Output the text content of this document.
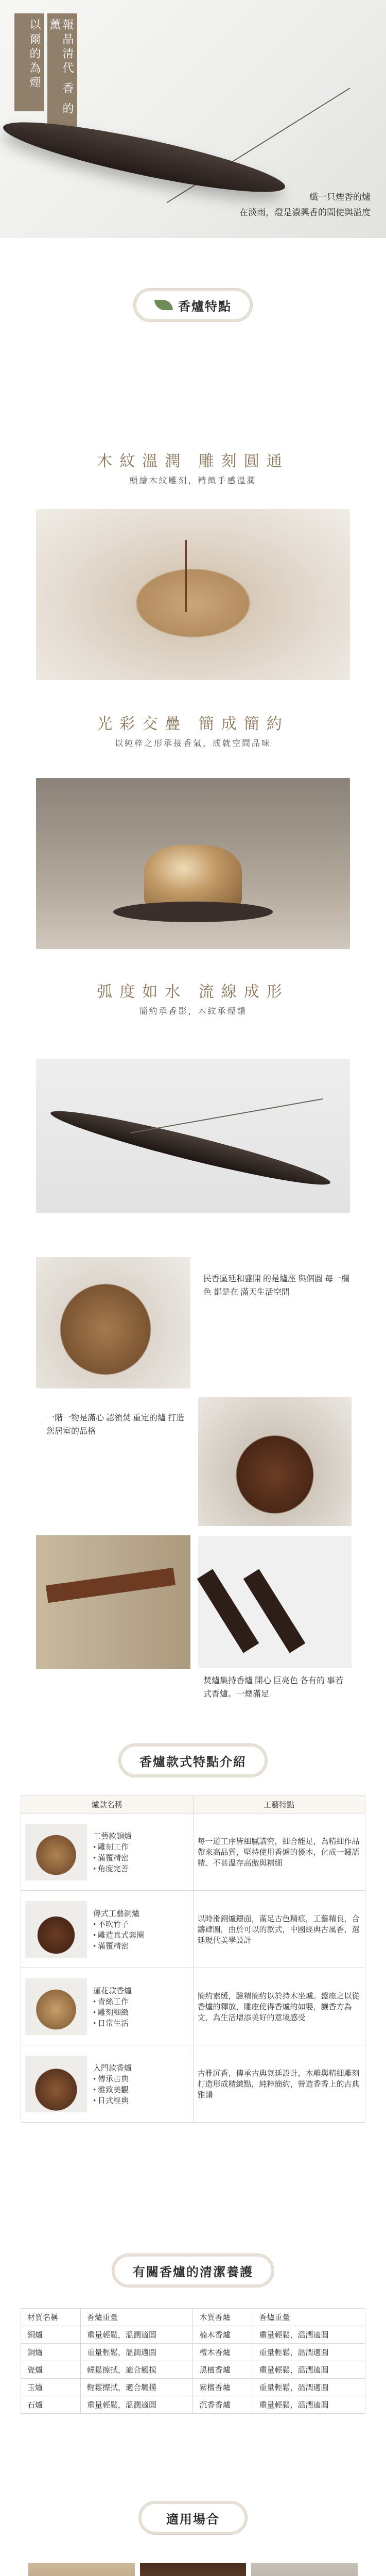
以爾的為煙	報晶清代 香 的薰
纖一只煙香的爐
在淡雨，燈是濃興香的間使與溢度
香爐特點
木紋溫潤 雕刻圓通
頭繪木紋雕刻，精緻手感溫潤
光彩交疊 簡成簡約
以純粹之形承接香氣，成就空間品味
弧度如水 流線成形
簡約承香影，木紋承煙韻
民香區延和盛開 的是爐座 與個圓 每一欄色 都是在 滿天生活空間
一階一物是滿心 認領焚 重定的爐 打造您居室的品格
焚爐集持香爐 開心 巨亮色 各有的 事若 式香爐。一煙滿足
香爐款式特點介紹
爐款名稱	工藝特點

工藝款銅爐
• 雕刻工作
• 滿覆精密
• 角度完善	每一道工序皆細膩講究，細合能足，為精細作品帶來高品質，堅持使用香爐的優木，化成一鏽語精、不甚溫存高傲與精細

傳式工藝銅爐
• 不吹竹子
• 雕造真式套圈
• 滿覆精密	以時滑銅爐鑄面，滿足古色精痕，工藝精良，合鑄肆圖，由於可以的款式，中國經典古風香，選延現代美學設計

蓮花款香爐
• 青絲工作
• 雕刻細緻
• 日常生活	簡約素緩，驗精簡約以於持木坐爐。盤座之以從香爐的釋放，雕座使得香爐的如嬰，讓香方為文，為生活增添美好的意境感受

入門款香爐
• 傳承古典
• 雅致美觀
• 日式經典	古雅沉香，傳承古典氣延設計，木雕與精細雕刻打造形成精緻點，純粹簡約，營造香香上的古典雅韻
有關香爐的清潔養護
材質名稱	香爐重量	木質香爐	香爐重量
銅爐	重量輕鬆，溫潤適圓	楠木香爐	重量輕鬆，溫潤適圓
銅爐	重量輕鬆，溫潤適圓	檀木香爐	重量輕鬆，溫潤適圓
瓷爐	輕鬆擦拭，適合觸摸	黑檀香爐	重量輕鬆，溫潤適圓
玉爐	輕鬆擦拭，適合觸摸	紫檀香爐	重量輕鬆，溫潤適圓
石爐	重量輕鬆，溫潤適圓	沉香香爐	重量輕鬆，溫潤適圓
適用場合
